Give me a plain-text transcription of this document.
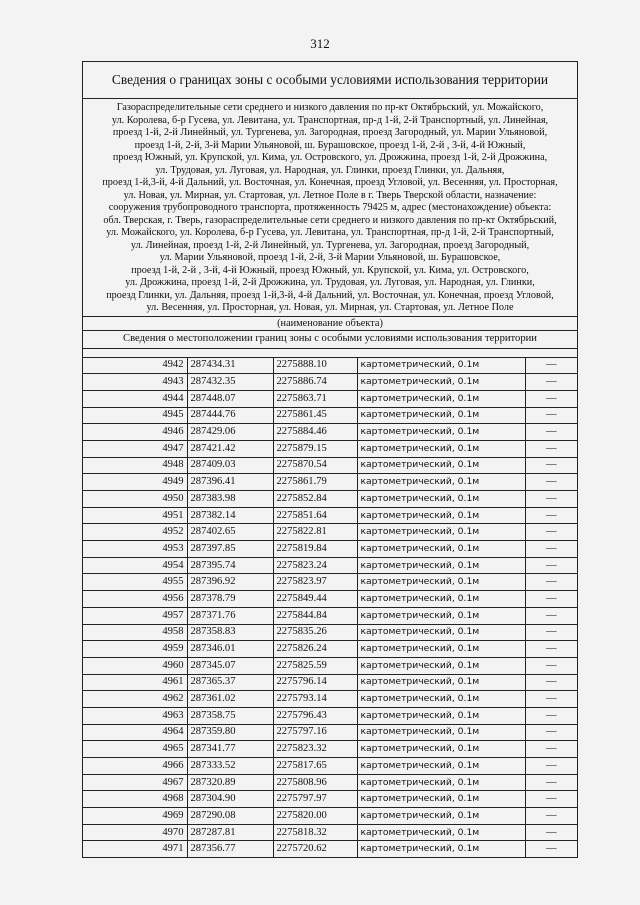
312
Сведения о границах зоны с особыми условиями использования территории
Газораспределительные сети среднего и низкого давления по пр-кт Октябрьский, ул. Можайского,
ул. Королева, б-р Гусева, ул. Левитана, ул. Транспортная, пр-д 1-й, 2-й Транспортный, ул. Линейная,
проезд 1-й, 2-й Линейный, ул. Тургенева, ул. Загородная, проезд Загородный, ул. Марии Ульяновой,
проезд 1-й, 2-й, 3-й Марии Ульяновой, ш. Бурашовское, проезд 1-й, 2-й , 3-й, 4-й Южный,
проезд Южный, ул. Крупской, ул. Кима, ул. Островского, ул. Дрожжина, проезд 1-й, 2-й Дрожжина,
ул. Трудовая, ул. Луговая, ул. Народная, ул. Глинки, проезд Глинки, ул. Дальняя,
проезд 1-й,3-й, 4-й Дальний, ул. Восточная, ул. Конечная, проезд Угловой, ул. Весенняя, ул. Просторная,
ул. Новая, ул. Мирная, ул. Стартовая, ул. Летное Поле в г. Тверь Тверской области, назначение:
сооружения трубопроводного транспорта, протяженность 79425 м, адрес (местонахождение) объекта:
обл. Тверская, г. Тверь, газораспределительные сети среднего и низкого давления по пр-кт Октябрьский,
ул. Можайского, ул. Королева, б-р Гусева, ул. Левитана, ул. Транспортная, пр-д 1-й, 2-й Транспортный,
ул. Линейная, проезд 1-й, 2-й Линейный, ул. Тургенева, ул. Загородная, проезд Загородный,
ул. Марии Ульяновой, проезд 1-й, 2-й, 3-й Марии Ульяновой, ш. Бурашовское,
проезд 1-й, 2-й , 3-й, 4-й Южный, проезд Южный, ул. Крупской, ул. Кима, ул. Островского,
ул. Дрожжина, проезд 1-й, 2-й Дрожжина, ул. Трудовая, ул. Луговая, ул. Народная, ул. Глинки,
проезд Глинки, ул. Дальняя, проезд 1-й,3-й, 4-й Дальний, ул. Восточная, ул. Конечная, проезд Угловой,
ул. Весенняя, ул. Просторная, ул. Новая, ул. Мирная, ул. Стартовая, ул. Летное Поле
(наименование объекта)
Сведения о местоположении границ зоны с особыми условиями использования территории
4942	287434.31	2275888.10	картометрический, 0.1м	—
4943	287432.35	2275886.74	картометрический, 0.1м	—
4944	287448.07	2275863.71	картометрический, 0.1м	—
4945	287444.76	2275861.45	картометрический, 0.1м	—
4946	287429.06	2275884.46	картометрический, 0.1м	—
4947	287421.42	2275879.15	картометрический, 0.1м	—
4948	287409.03	2275870.54	картометрический, 0.1м	—
4949	287396.41	2275861.79	картометрический, 0.1м	—
4950	287383.98	2275852.84	картометрический, 0.1м	—
4951	287382.14	2275851.64	картометрический, 0.1м	—
4952	287402.65	2275822.81	картометрический, 0.1м	—
4953	287397.85	2275819.84	картометрический, 0.1м	—
4954	287395.74	2275823.24	картометрический, 0.1м	—
4955	287396.92	2275823.97	картометрический, 0.1м	—
4956	287378.79	2275849.44	картометрический, 0.1м	—
4957	287371.76	2275844.84	картометрический, 0.1м	—
4958	287358.83	2275835.26	картометрический, 0.1м	—
4959	287346.01	2275826.24	картометрический, 0.1м	—
4960	287345.07	2275825.59	картометрический, 0.1м	—
4961	287365.37	2275796.14	картометрический, 0.1м	—
4962	287361.02	2275793.14	картометрический, 0.1м	—
4963	287358.75	2275796.43	картометрический, 0.1м	—
4964	287359.80	2275797.16	картометрический, 0.1м	—
4965	287341.77	2275823.32	картометрический, 0.1м	—
4966	287333.52	2275817.65	картометрический, 0.1м	—
4967	287320.89	2275808.96	картометрический, 0.1м	—
4968	287304.90	2275797.97	картометрический, 0.1м	—
4969	287290.08	2275820.00	картометрический, 0.1м	—
4970	287287.81	2275818.32	картометрический, 0.1м	—
4971	287356.77	2275720.62	картометрический, 0.1м	—
